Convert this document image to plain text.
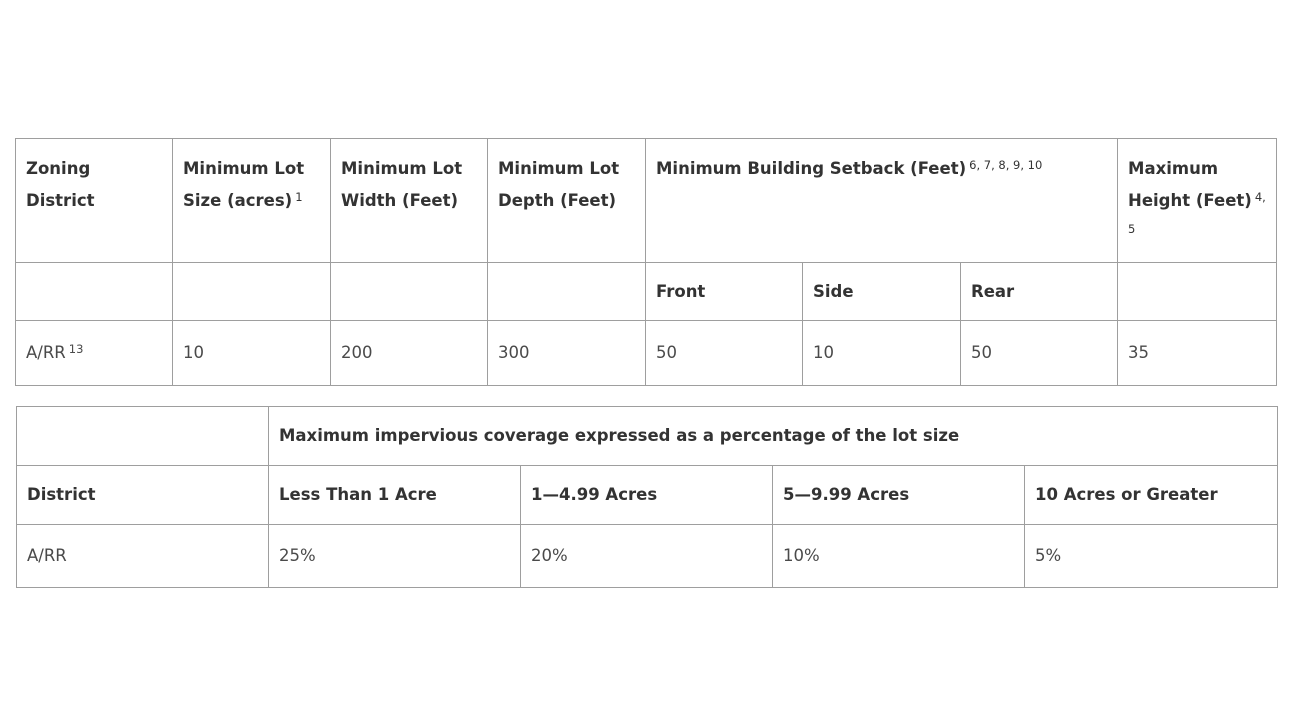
Zoning District	Minimum Lot Size (acres) $^1$	Minimum Lot Width (Feet)	Minimum Lot Depth (Feet)	Minimum Building Setback (Feet) $^{6, 7, 8, 9, 10}$			Maximum Height (Feet) $^{4, 5}$
				Front	Side	Rear	
A/RR $^{13}$	10	200	300	50	10	50	35
	Maximum impervious coverage expressed as a percentage of the lot size			
District	Less Than 1 Acre	1—4.99 Acres	5—9.99 Acres	10 Acres or Greater
A/RR	25%	20%	10%	5%
